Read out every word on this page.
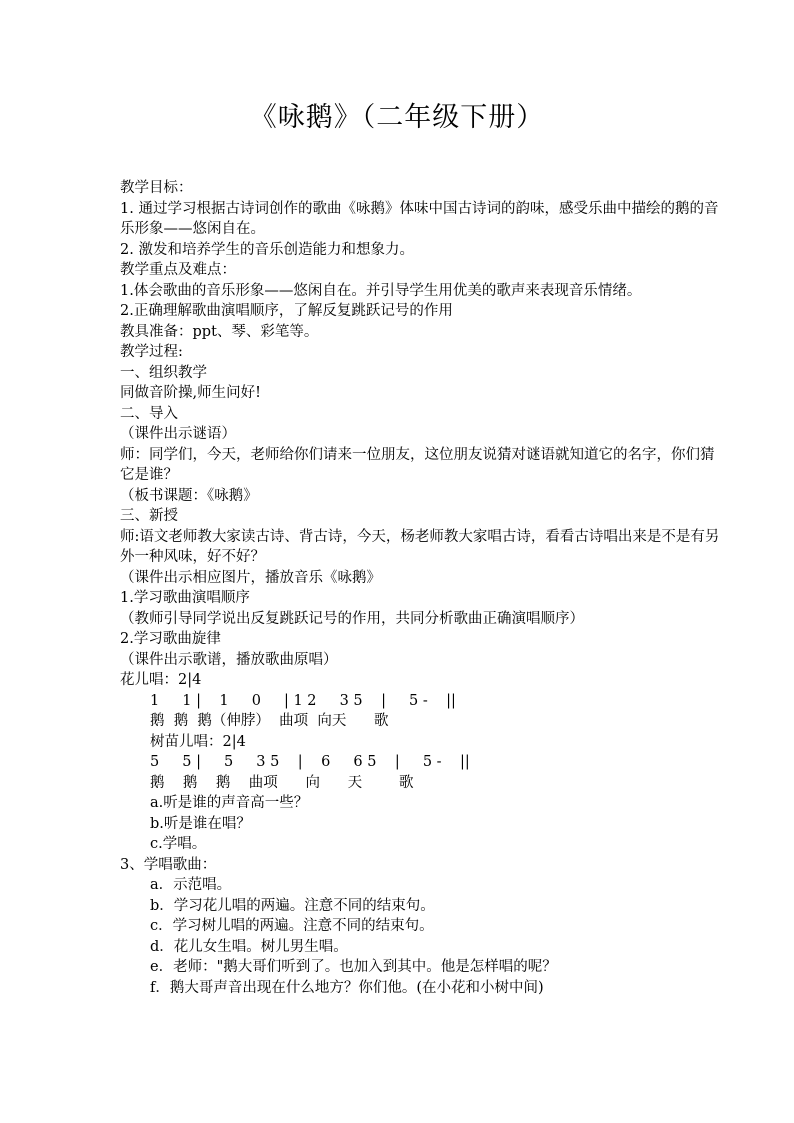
《咏鹅》（二年级下册）
教学目标：
1. 通过学习根据古诗词创作的歌曲《咏鹅》体味中国古诗词的韵味，感受乐曲中描绘的鹅的音乐形象——悠闲自在。
2. 激发和培养学生的音乐创造能力和想象力。
教学重点及难点：
1.体会歌曲的音乐形象——悠闲自在。并引导学生用优美的歌声来表现音乐情绪。
2.正确理解歌曲演唱顺序，了解反复跳跃记号的作用
教具准备：ppt、琴、彩笔等。
教学过程:
一、组织教学
同做音阶操,师生问好!
二、导入
（课件出示谜语）
师：同学们，今天，老师给你们请来一位朋友，这位朋友说猜对谜语就知道它的名字，你们猜它是谁？
（板书课题：《咏鹅》
三、新授
师:语文老师教大家读古诗、背古诗，今天，杨老师教大家唱古诗，看看古诗唱出来是不是有另外一种风味，好不好？
（课件出示相应图片，播放音乐《咏鹅》
1.学习歌曲演唱顺序
（教师引导同学说出反复跳跃记号的作用，共同分析歌曲正确演唱顺序）
2.学习歌曲旋律
（课件出示歌谱，播放歌曲原唱）
花儿唱：2|4
1     1 |    1     0     | 1 2     3 5    |     5 -    ||
鹅  鹅  鹅（伸脖）  曲项  向天      歌
树苗儿唱：2|4
5     5 |     5     3 5    |    6     6 5    |     5 -    ||
鹅    鹅    鹅    曲项      向      天        歌
a.听是谁的声音高一些？
b.听是谁在唱？
c.学唱。
3、学唱歌曲：
a．示范唱。
b．学习花儿唱的两遍。注意不同的结束句。
c．学习树儿唱的两遍。注意不同的结束句。
d．花儿女生唱。树儿男生唱。
e．老师："鹅大哥们听到了。也加入到其中。他是怎样唱的呢？
f．鹅大哥声音出现在什么地方？你们他。(在小花和小树中间)
